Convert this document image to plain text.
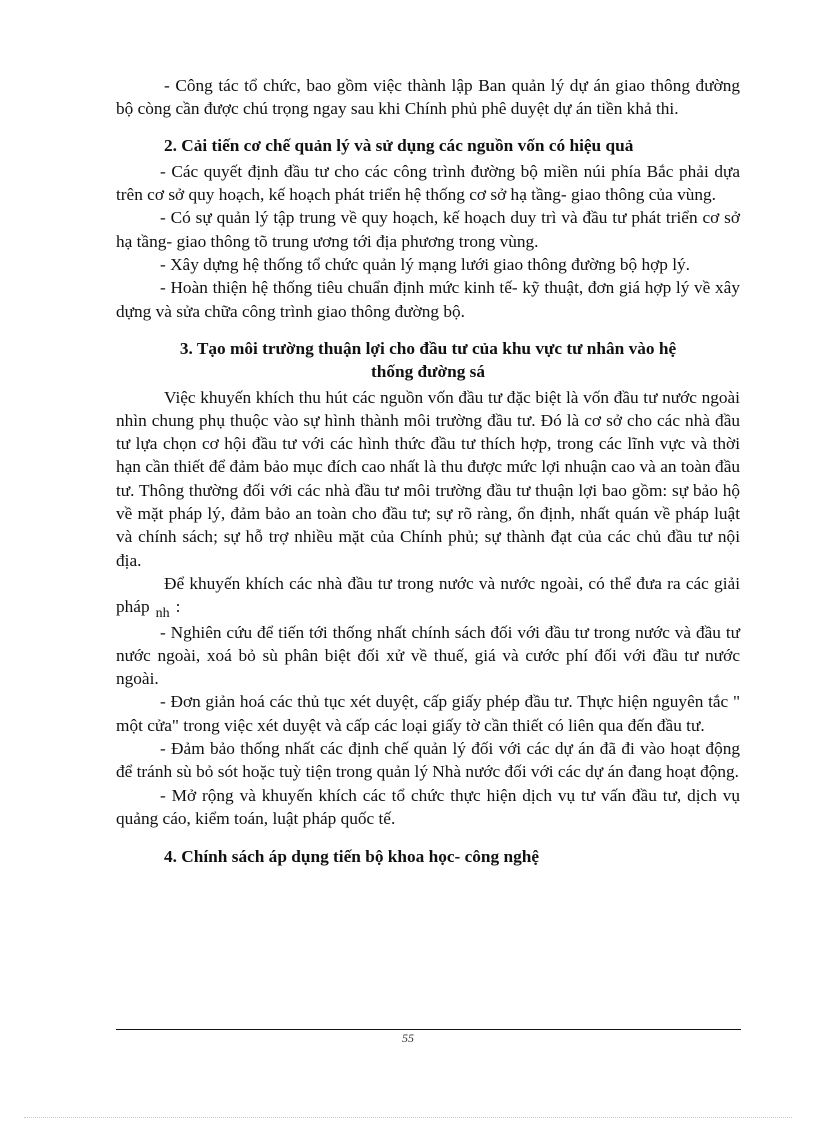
- Công tác tổ chức, bao gồm việc thành lập Ban quản lý dự án giao thông đường bộ còng cần được chú trọng ngay sau khi Chính phủ phê duyệt dự án tiền khả thi.

2. Cải tiến cơ chế quản lý và sử dụng các nguồn vốn có hiệu quả

- Các quyết định đầu tư cho các công trình đường bộ miền núi phía Bắc phải dựa trên cơ sở quy hoạch, kế hoạch phát triển hệ thống cơ sở hạ tầng- giao thông của vùng.

- Có sự quản lý tập trung về quy hoạch, kế hoạch duy trì và đầu tư phát triển cơ sở hạ tầng- giao thông tõ trung ương tới địa phương trong vùng.

- Xây dựng hệ thống tổ chức quản lý mạng lưới giao thông đường bộ hợp lý.

- Hoàn thiện hệ thống tiêu chuẩn định mức kinh tế- kỹ thuật, đơn giá hợp lý về xây dựng và sửa chữa công trình giao thông đường bộ.

3. Tạo môi trường thuận lợi cho đầu tư của khu vực tư nhân vào hệ
thống đường sá

Việc khuyến khích thu hút các nguồn vốn đầu tư đặc biệt là vốn đầu tư nước ngoài nhìn chung phụ thuộc vào sự hình thành môi trường đầu tư. Đó là cơ sở cho các nhà đầu tư lựa chọn cơ hội đầu tư với các hình thức đầu tư thích hợp, trong các lĩnh vực và thời hạn cần thiết để đảm bảo mục đích cao nhất là thu được mức lợi nhuận cao và an toàn đầu tư. Thông thường đối với các nhà đầu tư môi trường đầu tư thuận lợi bao gồm: sự bảo hộ về mặt pháp lý, đảm bảo an toàn cho đầu tư; sự rõ ràng, ổn định, nhất quán về pháp luật và chính sách; sự hỗ trợ nhiều mặt của Chính phủ; sự thành đạt của các chủ đầu tư nội địa.

Để khuyến khích các nhà đầu tư trong nước và nước ngoài, có thể đưa ra các giải pháp $_{nh}$ :

- Nghiên cứu để tiến tới thống nhất chính sách đối với đầu tư trong nước và đầu tư nước ngoài, xoá bỏ sù phân biệt đối xử về thuế, giá và cước phí đối với đầu tư nước ngoài.

- Đơn giản hoá các thủ tục xét duyệt, cấp giấy phép đầu tư. Thực hiện nguyên tắc " một cửa" trong việc xét duyệt và cấp các loại giấy tờ cần thiết có liên qua đến đầu tư.

- Đảm bảo thống nhất các định chế quản lý đối với các dự án đã đi vào hoạt động để tránh sù bỏ sót hoặc tuỳ tiện trong quản lý Nhà nước đối với các dự án đang hoạt động.

- Mở rộng và khuyến khích các tổ chức thực hiện dịch vụ tư vấn đầu tư, dịch vụ quảng cáo, kiểm toán, luật pháp quốc tế.

4. Chính sách áp dụng tiến bộ khoa học- công nghệ

55
